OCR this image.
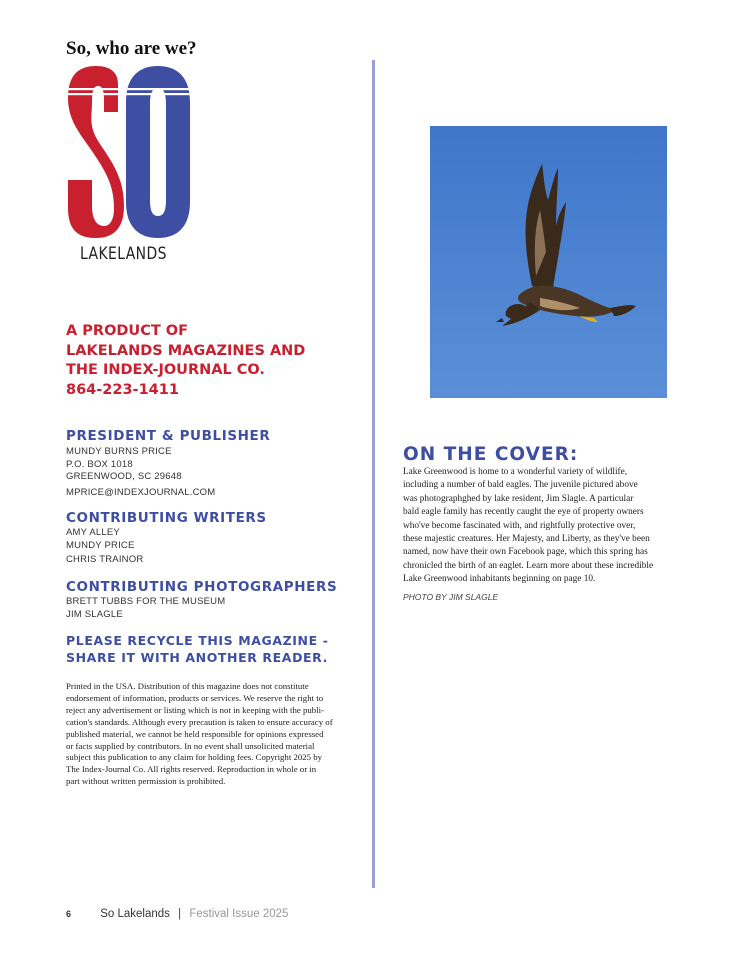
So, who are we?
LAKELANDS
A PRODUCT OF
LAKELANDS MAGAZINES AND
THE INDEX-JOURNAL CO.
864-223-1411
PRESIDENT & PUBLISHER
MUNDY BURNS PRICE
P.O. BOX 1018
GREENWOOD, SC 29648
MPRICE@INDEXJOURNAL.COM
CONTRIBUTING WRITERS
AMY ALLEY
MUNDY PRICE
CHRIS TRAINOR
CONTRIBUTING PHOTOGRAPHERS
BRETT TUBBS FOR THE MUSEUM
JIM SLAGLE
PLEASE RECYCLE THIS MAGAZINE -
SHARE IT WITH ANOTHER READER.
Printed in the USA. Distribution of this magazine does not constitute
endorsement of information, products or services. We reserve the right to
reject any advertisement or listing which is not in keeping with the publi-
cation's standards. Although every precaution is taken to ensure accuracy of
published material, we cannot be held responsible for opinions expressed
or facts supplied by contributors. In no event shall unsolicited material
subject this publication to any claim for holding fees. Copyright 2025 by
The Index-Journal Co. All rights reserved. Reproduction in whole or in
part without written permission is prohibited.
ON THE COVER:
Lake Greenwood is home to a wonderful variety of wildlife,
including a number of bald eagles. The juvenile pictured above
was photographghed by lake resident, Jim Slagle. A particular
bald eagle family has recently caught the eye of property owners
who've become fascinated with, and rightfully protective over,
these majestic creatures. Her Majesty, and Liberty, as they've been
named, now have their own Facebook page, which this spring has
chronicled the birth of an eaglet. Learn more about these incredible
Lake Greenwood inhabitants beginning on page 10.
PHOTO BY JIM SLAGLE
6	So Lakelands | Festival Issue 2025
